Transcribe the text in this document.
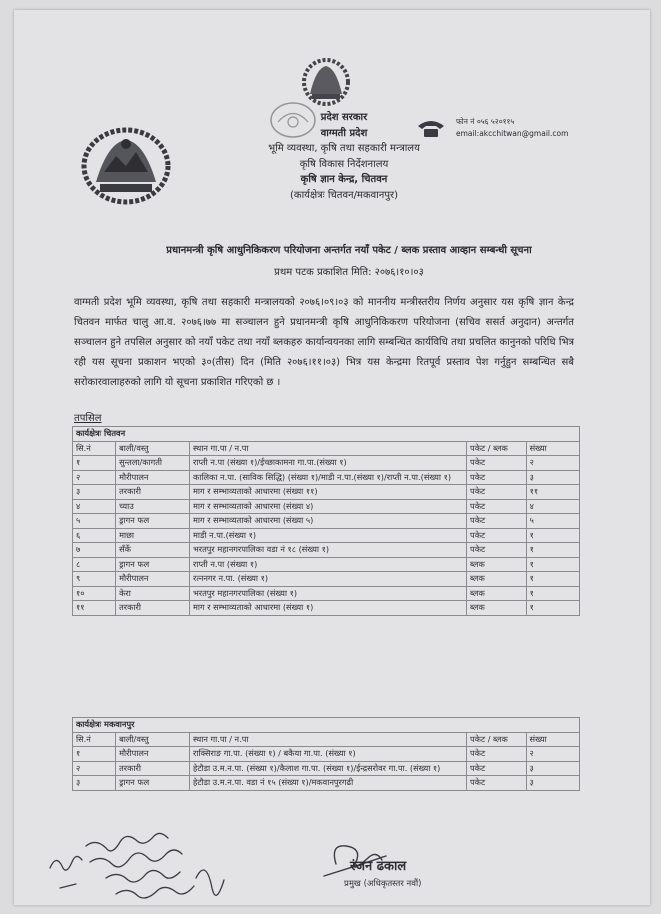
प्रदेश सरकार
वाग्मती प्रदेश
भूमि व्यवस्था, कृषि तथा सहकारी मन्त्रालय
कृषि विकास निर्देशनालय
कृषि ज्ञान केन्द्र, चितवन
(कार्यक्षेत्रः चितवन/मकवानपुर)
फोन नं ०५६ ५२०११५
email:akcchitwan@gmail.com
प्रधानमन्त्री कृषि आधुनिकिकरण परियोजना अन्तर्गत नयाँ पकेट / ब्लक प्रस्ताव आव्हान सम्बन्धी सूचना
प्रथम पटक प्रकाशित मिति: २०७६।१०।०३
वाग्मती प्रदेश भूमि व्यवस्था, कृषि तथा सहकारी मन्त्रालयको २०७६।०९।०३ को माननीय मन्त्रीस्तरीय निर्णय अनुसार यस कृषि ज्ञान केन्द्र चितवन मार्फत चालु आ.व. २०७६।७७ मा सञ्चालन हुने प्रधानमन्त्री कृषि आधुनिकिकरण परियोजना (सचिव ससर्त अनुदान) अन्तर्गत सञ्चालन हुने तपसिल अनुसार को नयाँ पकेट तथा नयाँ ब्लकहरु कार्यान्वयनका लागि सम्बन्धित कार्यविधि तथा प्रचलित कानुनको परिधि भित्र रही यस सूचना प्रकाशन भएको ३०(तीस) दिन (मिति २०७६।११।०३) भित्र यस केन्द्रमा रितपूर्व प्रस्ताव पेश गर्नुहुन सम्बन्धित सबै सरोकारवालाहरुको लागि यो सूचना प्रकाशित गरिएको छ ।
तपसिल
कार्यक्षेत्रः चितवन				
सि.नं	बाली/वस्तु	स्थान गा.पा / न.पा	पकेट / ब्लक	संख्या
१	सुन्तला/कागती	राप्ती न.पा (संख्या १)/ईच्छाकामना गा.पा.(संख्या १)	पकेट	२
२	मौरीपालन	कालिका न.पा. (साविक सिद्धि) (संख्या १)/माडी न.पा.(संख्या १)/राप्ती न.पा.(संख्या १)	पकेट	३
३	तरकारी	माग र सम्भाव्यताको आधारमा (संख्या ११)	पकेट	११
४	च्याउ	माग र सम्भाव्यताको आधारमा (संख्या ४)	पकेट	४
५	ड्रागन फल	माग र सम्भाव्यताको आधारमा (संख्या ५)	पकेट	५
६	माछा	माडी न.पा.(संख्या १)	पकेट	१
७	सँर्के	भरतपुर महानगरपालिका वडा नं १८ (संख्या १)	पकेट	१
८	ड्रागन फल	राप्ती न.पा (संख्या १)	ब्लक	१
९	मौरीपालन	रत्ननगर न.पा. (संख्या १)	ब्लक	१
१०	केरा	भरतपुर महानगरपालिका (संख्या १)	ब्लक	१
११	तरकारी	माग र सम्भाव्यताको आधारमा (संख्या १)	ब्लक	१
कार्यक्षेत्रः मकवानपुर				
सि.नं	बाली/वस्तु	स्थान गा.पा / न.पा	पकेट / ब्लक	संख्या
१	मौरीपालन	राक्सिराङ गा.पा. (संख्या १) / बकैया गा.पा. (संख्या १)	पकेट	२
२	तरकारी	हेटौडा उ.म.न.पा. (संख्या १)/कैलाश गा.पा. (संख्या १)/ईन्द्रसरोवर गा.पा. (संख्या १)	पकेट	३
३	ड्रागन फल	हेटौडा उ.म.न.पा. वडा नं १५ (संख्या १)/मकवानपुरगढी	पकेट	३
रंजन ढकाल
प्रमुख (अधिकृतस्तर नवौं)
